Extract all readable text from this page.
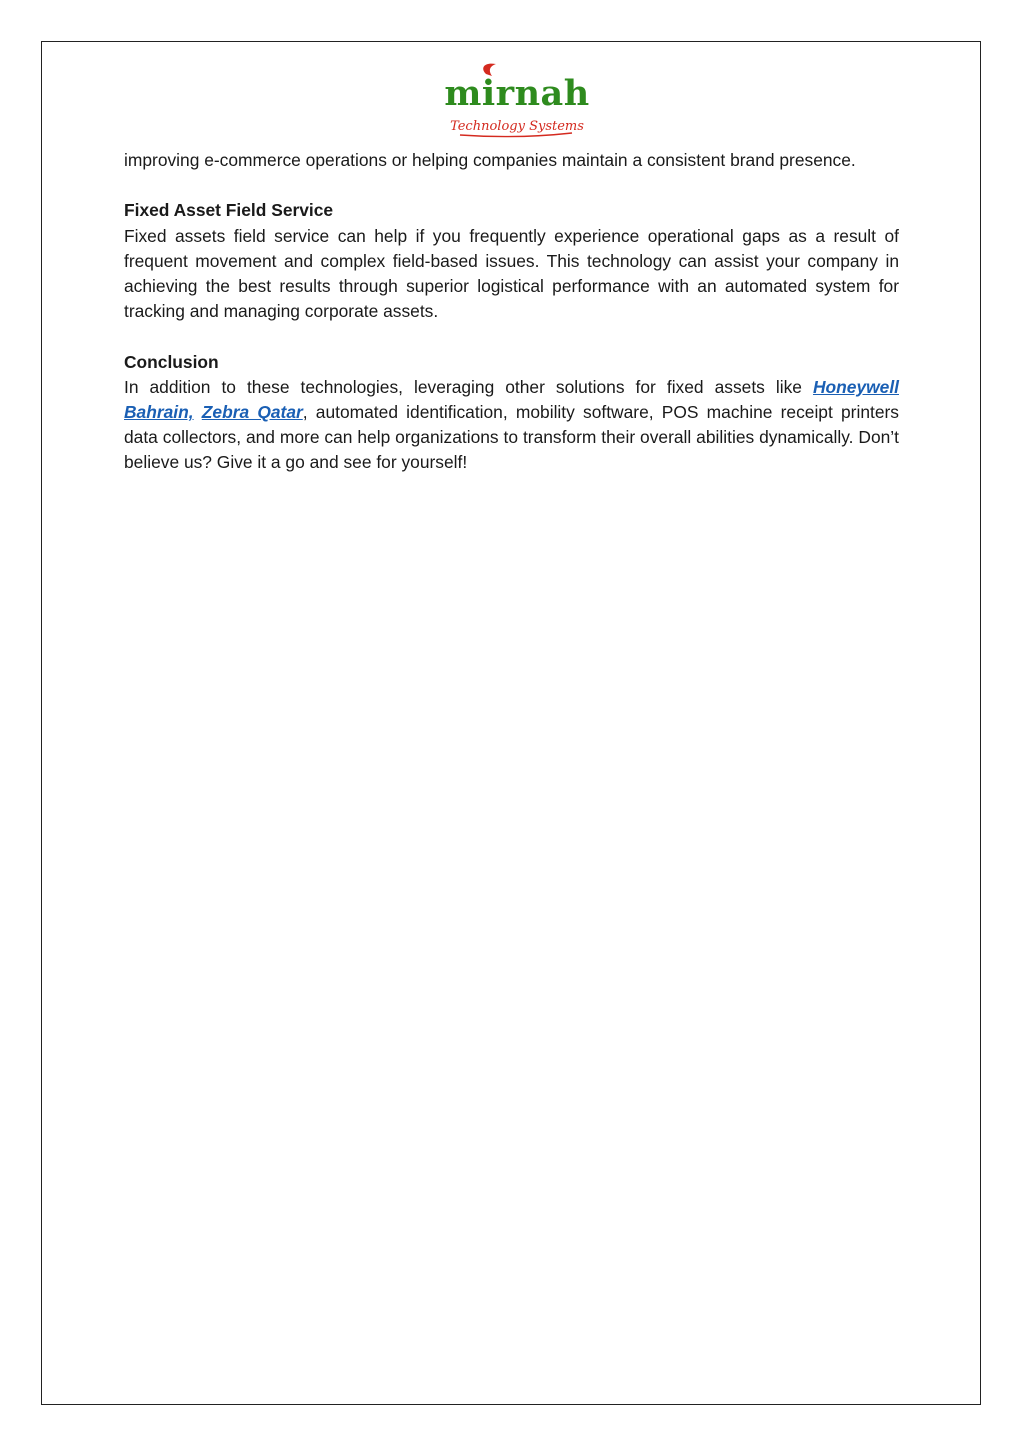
mirnah
Technology Systems

improving e-commerce operations or helping companies maintain a consistent brand presence.

Fixed Asset Field Service

Fixed assets field service can help if you frequently experience operational gaps as a result of frequent movement and complex field-based issues. This technology can assist your company in achieving the best results through superior logistical performance with an automated system for tracking and managing corporate assets.

Conclusion

In addition to these technologies, leveraging other solutions for fixed assets like Honeywell Bahrain, Zebra Qatar, automated identification, mobility software, POS machine receipt printers data collectors, and more can help organizations to transform their overall abilities dynamically. Don’t believe us? Give it a go and see for yourself!
